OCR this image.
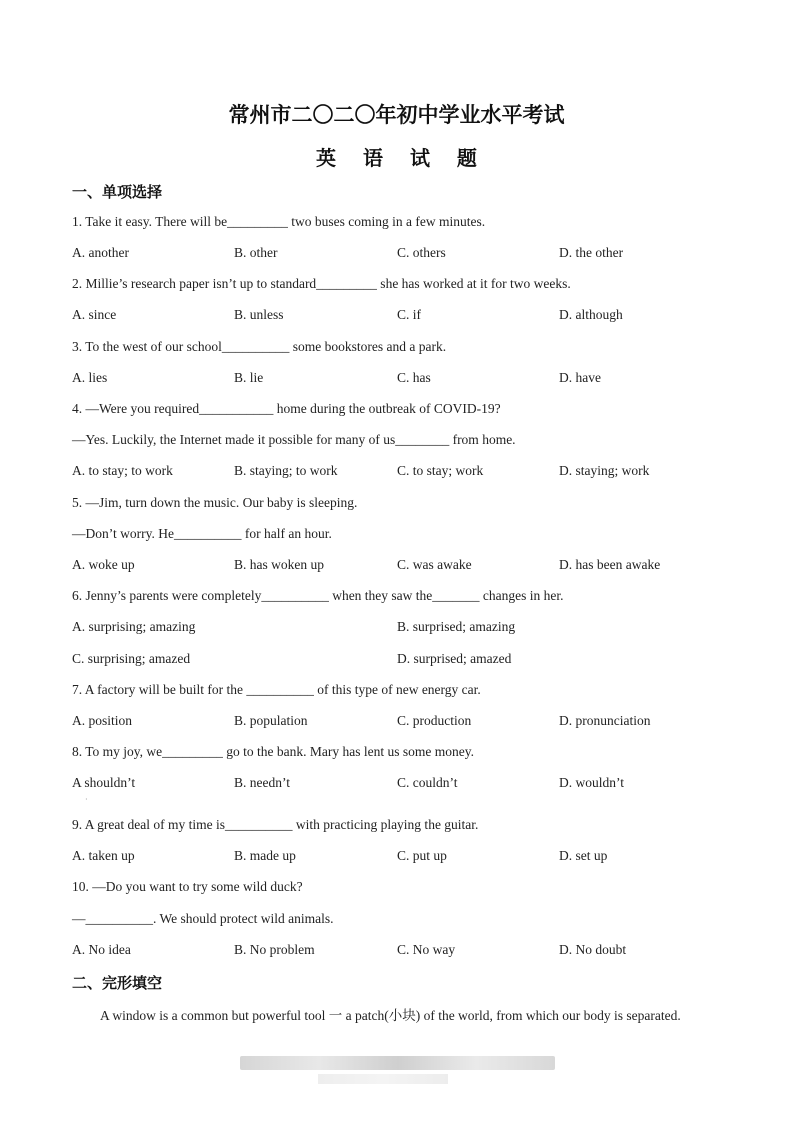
常州市二〇二〇年初中学业水平考试
英 语 试 题
一、单项选择
1. Take it easy. There will be_________ two buses coming in a few minutes.
A. another	B. other	C. others	D. the other
2. Millie’s research paper isn’t up to standard_________ she has worked at it for two weeks.
A. since	B. unless	C. if	D. although
3. To the west of our school__________ some bookstores and a park.
A. lies	B. lie	C. has	D. have
4. —Were you required___________ home during the outbreak of COVID-19?
—Yes. Luckily, the Internet made it possible for many of us________ from home.
A. to stay; to work	B. staying; to work	C. to stay; work	D. staying; work
5. —Jim, turn down the music. Our baby is sleeping.
—Don’t worry. He__________ for half an hour.
A. woke up	B. has woken up	C. was awake	D. has been awake
6. Jenny’s parents were completely__________ when they saw the_______ changes in her.
A. surprising; amazing	B. surprised; amazing
C. surprising; amazed	D. surprised; amazed
7. A factory will be built for the __________ of this type of new energy car.
A. position	B. population	C. production	D. pronunciation
8. To my joy, we_________ go to the bank. Mary has lent us some money.
A shouldn’t	B. needn’t	C. couldn’t	D. wouldn’t
·
9. A great deal of my time is__________ with practicing playing the guitar.
A. taken up	B. made up	C. put up	D. set up
10. —Do you want to try some wild duck?
—__________. We should protect wild animals.
A. No idea	B. No problem	C. No way	D. No doubt
二、完形填空
A window is a common but powerful tool 一 a patch(小块) of the world, from which our body is separated.
